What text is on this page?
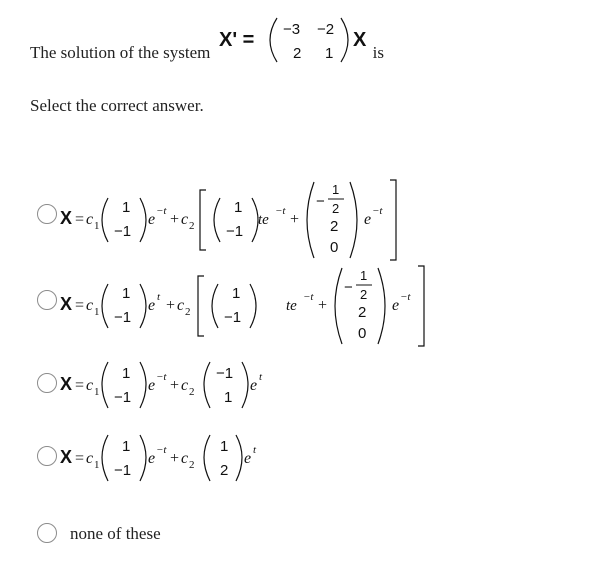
The solution of the system

X' = −3 −2
2 1
X
is
Select the correct answer.
X = c 1
1
−1
e −t + c 2
1
−1
te
−t +
−
1
2
2
0
e −t
X = c 1
1
−1
e t + c 2
1
−1
te
−t +
−
1
2
2
0
e −t
X = c 1
1
−1
e −t + c 2
−1
1
e t
X = c 1
1
−1
e −t + c 2
1
2
e t
none of these
